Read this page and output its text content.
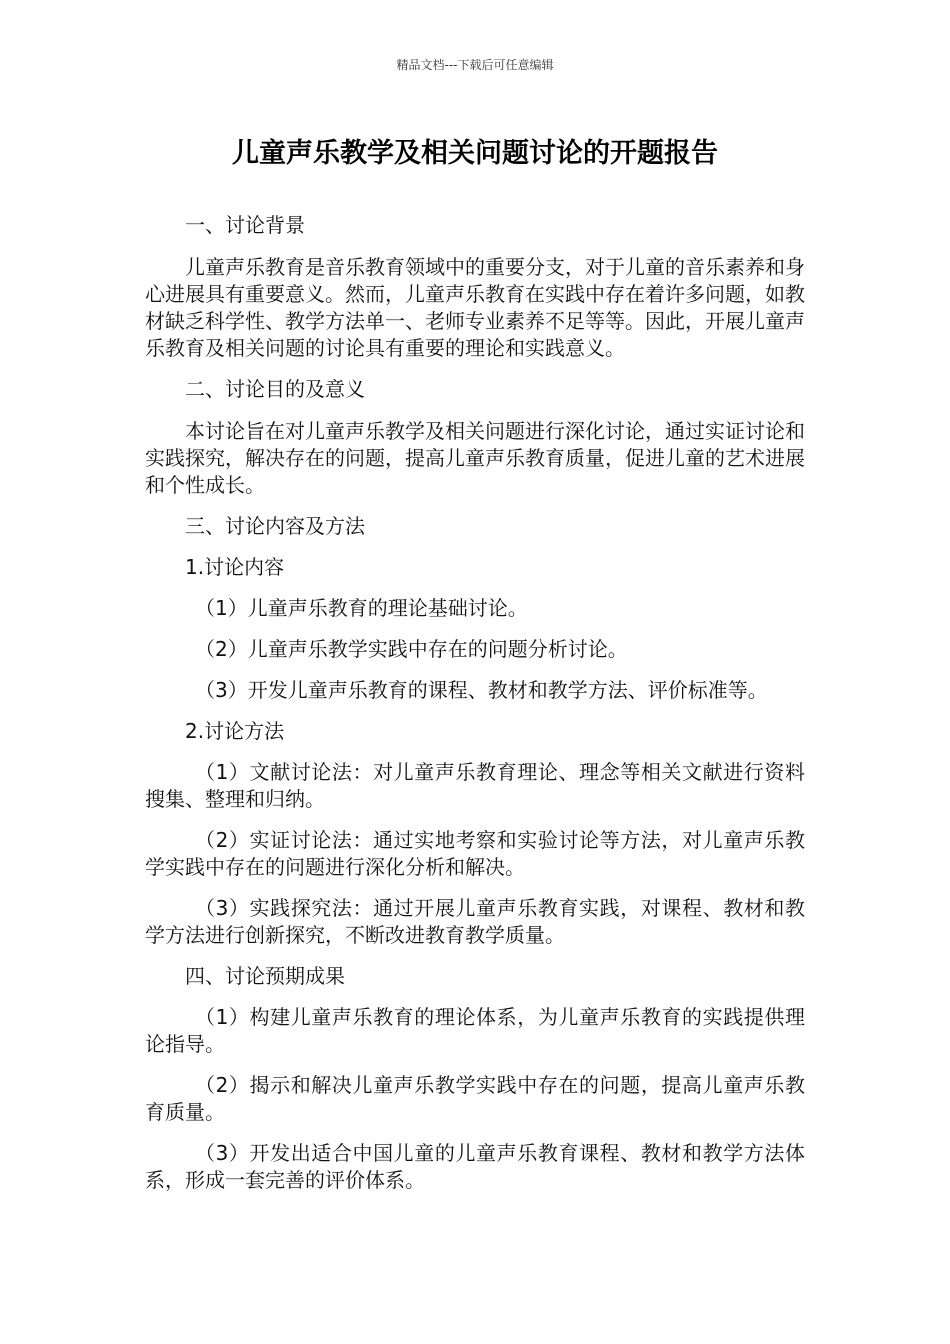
精品文档---下载后可任意编辑
儿童声乐教学及相关问题讨论的开题报告

一、讨论背景

儿童声乐教育是音乐教育领域中的重要分支，对于儿童的音乐素养和身心进展具有重要意义。然而，儿童声乐教育在实践中存在着许多问题，如教材缺乏科学性、教学方法单一、老师专业素养不足等等。因此，开展儿童声乐教育及相关问题的讨论具有重要的理论和实践意义。

二、讨论目的及意义

本讨论旨在对儿童声乐教学及相关问题进行深化讨论，通过实证讨论和实践探究，解决存在的问题，提高儿童声乐教育质量，促进儿童的艺术进展和个性成长。

三、讨论内容及方法

1.讨论内容

（1）儿童声乐教育的理论基础讨论。

（2）儿童声乐教学实践中存在的问题分析讨论。

（3）开发儿童声乐教育的课程、教材和教学方法、评价标准等。

2.讨论方法

（1）文献讨论法：对儿童声乐教育理论、理念等相关文献进行资料搜集、整理和归纳。

（2）实证讨论法：通过实地考察和实验讨论等方法，对儿童声乐教学实践中存在的问题进行深化分析和解决。

（3）实践探究法：通过开展儿童声乐教育实践，对课程、教材和教学方法进行创新探究，不断改进教育教学质量。

四、讨论预期成果

（1）构建儿童声乐教育的理论体系，为儿童声乐教育的实践提供理论指导。

（2）揭示和解决儿童声乐教学实践中存在的问题，提高儿童声乐教育质量。

（3）开发出适合中国儿童的儿童声乐教育课程、教材和教学方法体系，形成一套完善的评价体系。
